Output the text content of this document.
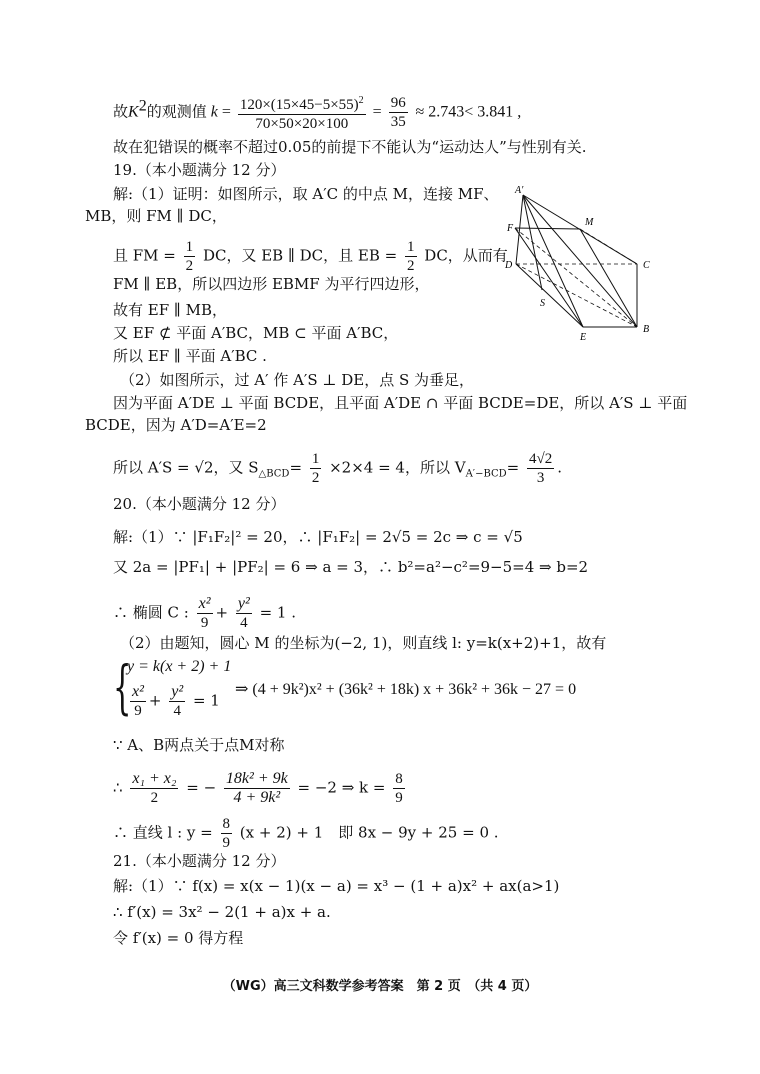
故$K^2$的观测值 $k = \frac{120\times(15\times 45-5\times 55)^2}{70\times 50\times 20\times 100} = \frac{96}{35} \approx 2.743< 3.841$ ,
故在犯错误的概率不超过0.05的前提下不能认为“运动达人”与性别有关.
19.（本小题满分 12 分）
解:（1）证明：如图所示，取 A′C 的中点 M，连接 MF、
MB，则 FM ∥ DC，
且 FM = $\frac{1}{2}$ DC，又 EB ∥ DC，且 EB = $\frac{1}{2}$ DC，从而有
FM ∥ EB，所以四边形 EBMF 为平行四边形，
故有 EF ∥ MB，
又 EF ⊄ 平面 A′BC，MB ⊂ 平面 A′BC，
所以 EF ∥ 平面 A′BC .
（2）如图所示，过 A′ 作 A′S ⊥ DE，点 S 为垂足，
因为平面 A′DE ⊥ 平面 BCDE，且平面 A′DE ∩ 平面 BCDE=DE，所以 A′S ⊥ 平面
BCDE，因为 A′D=A′E=2
所以 A′S = √2，又 $S_{\triangle BCD}= \frac{1}{2} \times 2\times 4 = 4$，所以 $V_{A'-BCD}= \frac{4√2}{3}$ .
A′
F
M
D	C
S
B
E
20.（本小题满分 12 分）
解:（1）∵ |F₁F₂|² = 20，∴ |F₁F₂| = 2√5 = 2c ⇒ c = √5
又 2a = |PF₁| + |PF₂| = 6 ⇒ a = 3，∴ b²=a²−c²=9−5=4 ⇒ b=2
∴ 椭圆 C : $\frac{\text{x²}}{9} + \frac{\text{y²}}{4} = 1$ .
（2）由题知，圆心 M 的坐标为(−2, 1)，则直线 l: y=k(x+2)+1，故有
{
y = k(x + 2) + 1
$\frac{\text{x²}}{9} + \frac{\text{y²}}{4} = 1$
⇒ (4 + 9k²)x² + (36k² + 18k) x + 36k² + 36k − 27 = 0
∵ A、B两点关于点M对称
∴ $\frac{\text{x₁ + x₂}}{2}$ = − $\frac{\text{18k² + 9k}}{\text{4 + 9k²}} = -2$ ⇒ $k = \frac{8}{9}$
∴ 直线 l : $y = \frac{8}{9} (x + 2) + 1$　即 8x − 9y + 25 = 0 .
21.（本小题满分 12 分）
解:（1）∵ f(x) = x(x − 1)(x − a) = x³ − (1 + a)x² + ax(a>1)
∴ f′(x) = 3x² − 2(1 + a)x + a.
令 f′(x) = 0 得方程
（WG）高三文科数学参考答案　第 2 页　（共 4 页）
